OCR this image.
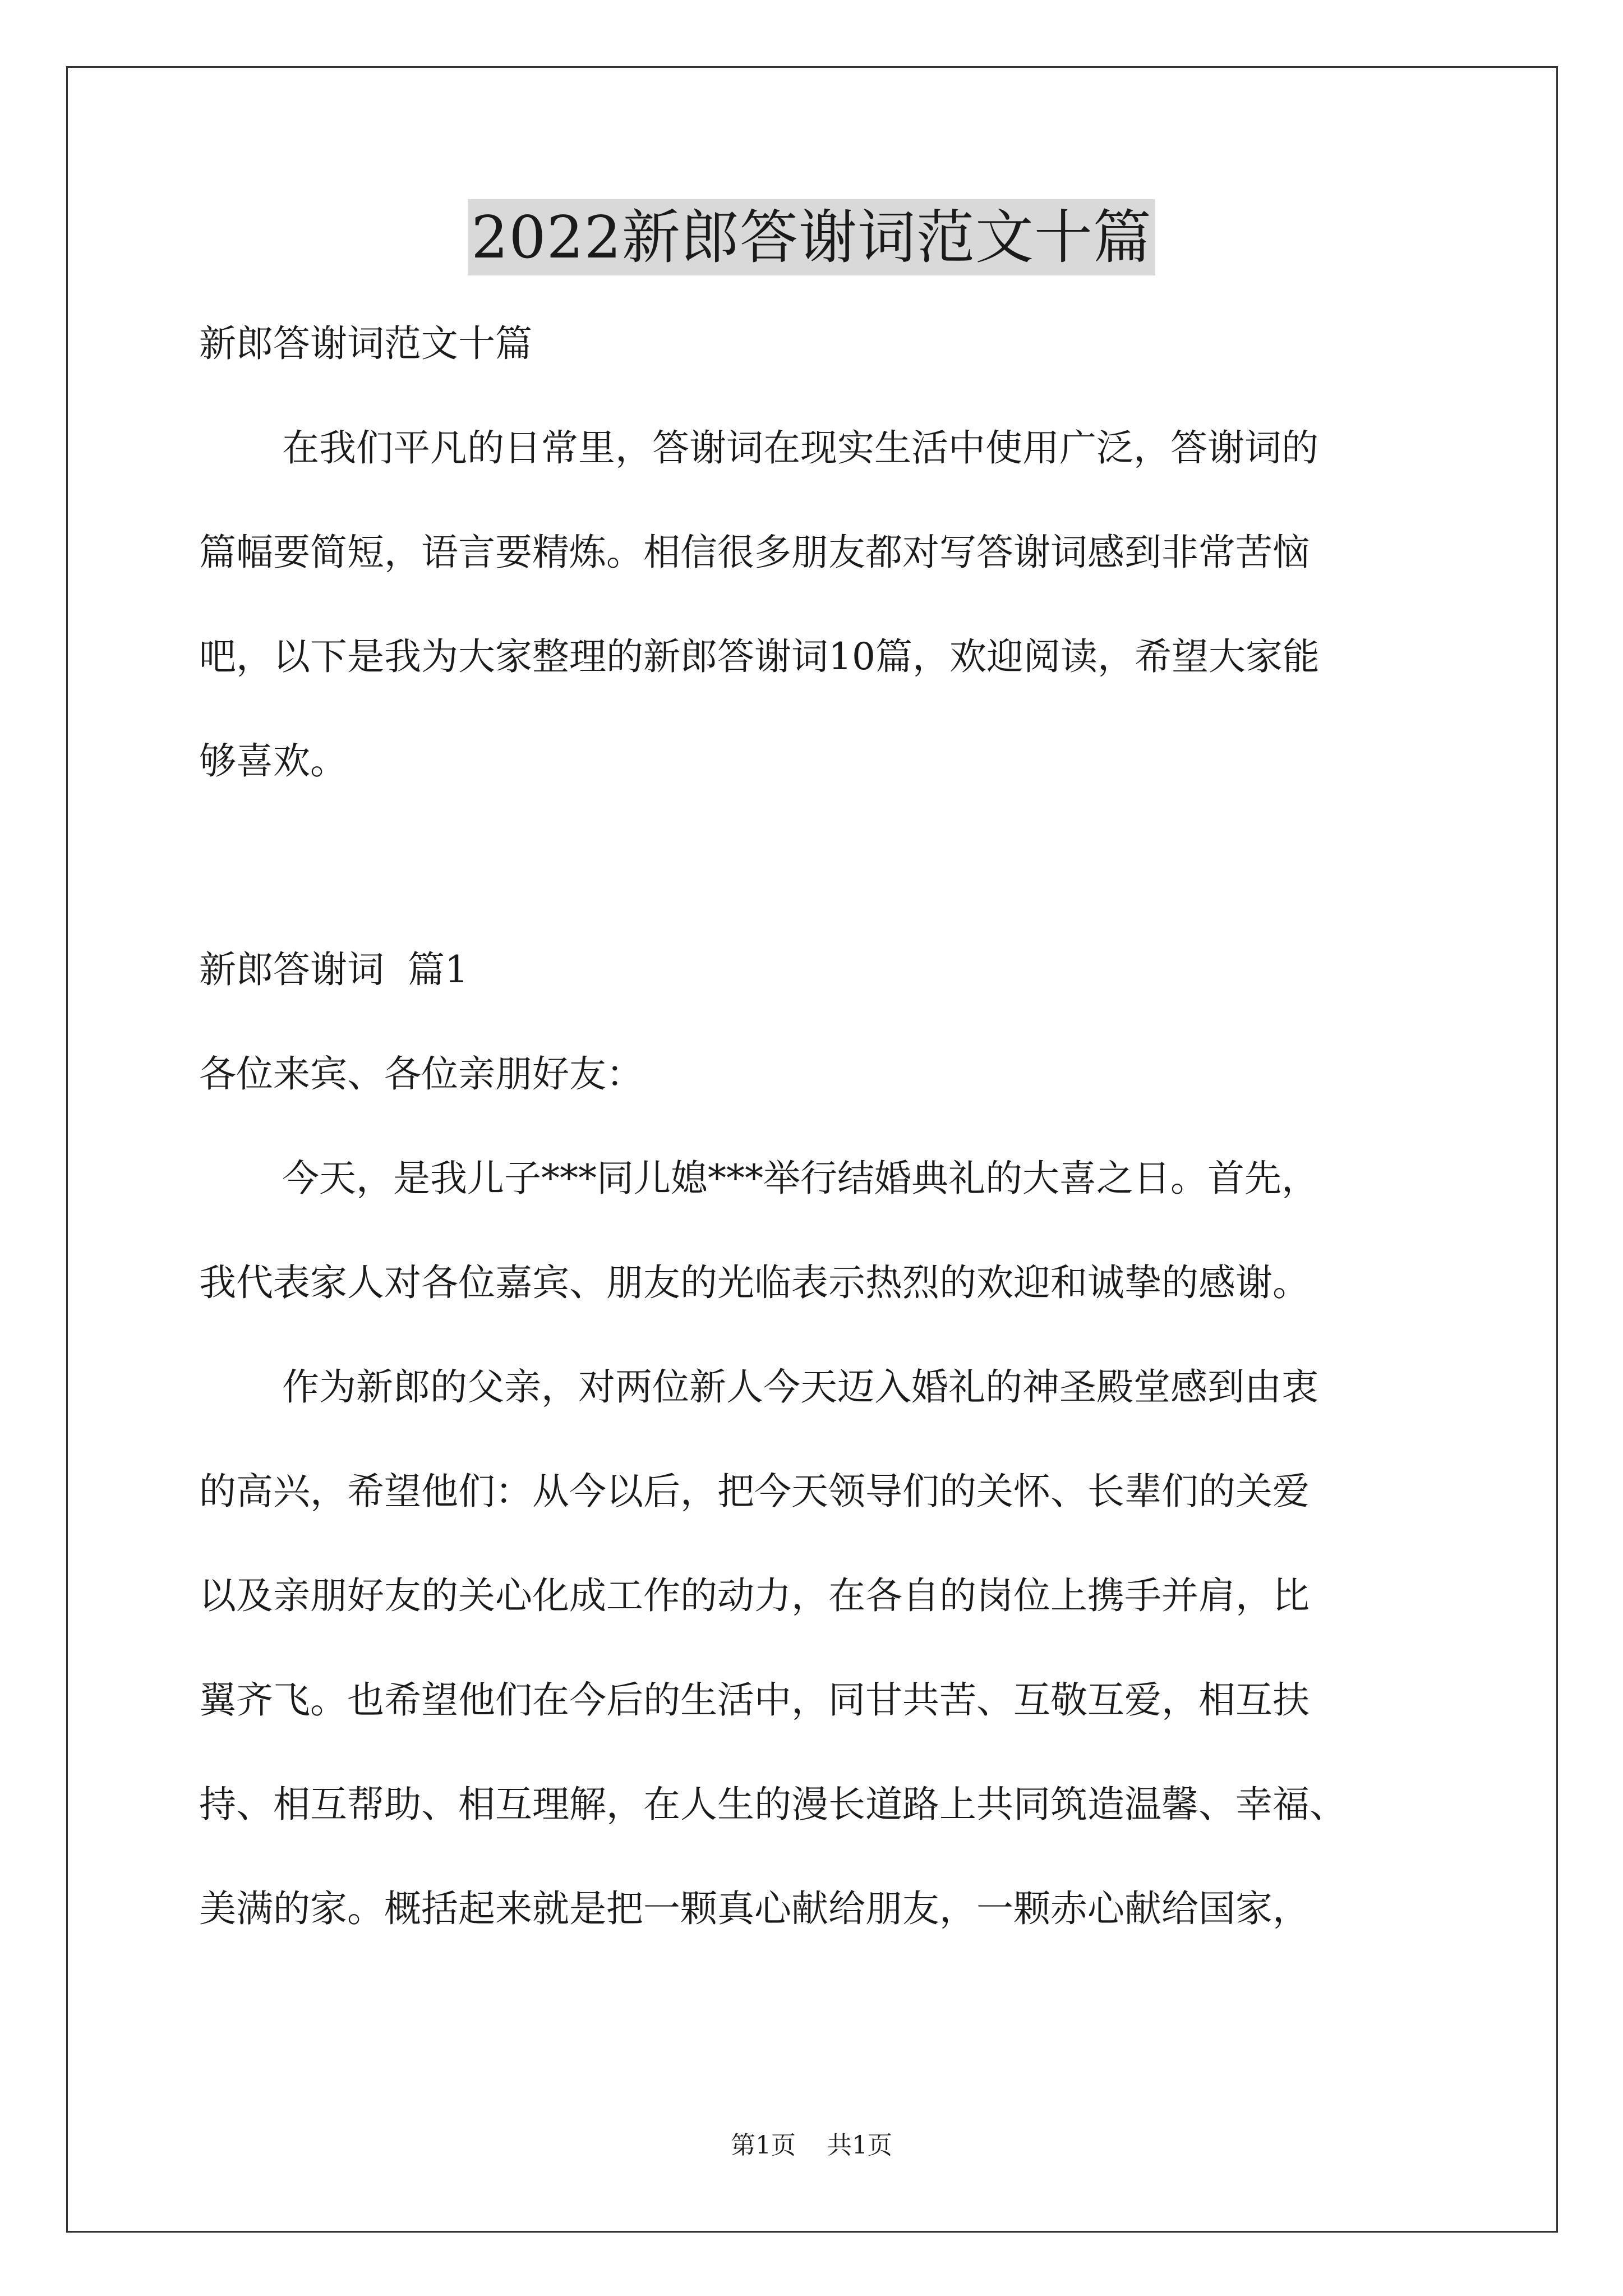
2022新郎答谢词范文十篇

新郎答谢词范文十篇

在我们平凡的日常里，答谢词在现实生活中使用广泛，答谢词的

篇幅要简短，语言要精炼。相信很多朋友都对写答谢词感到非常苦恼

吧，以下是我为大家整理的新郎答谢词10篇，欢迎阅读，希望大家能

够喜欢。

新郎答谢词  篇1

各位来宾、各位亲朋好友：

今天，是我儿子***同儿媳***举行结婚典礼的大喜之日。首先，

我代表家人对各位嘉宾、朋友的光临表示热烈的欢迎和诚挚的感谢。

作为新郎的父亲，对两位新人今天迈入婚礼的神圣殿堂感到由衷

的高兴，希望他们：从今以后，把今天领导们的关怀、长辈们的关爱

以及亲朋好友的关心化成工作的动力，在各自的岗位上携手并肩，比

翼齐飞。也希望他们在今后的生活中，同甘共苦、互敬互爱，相互扶

持、相互帮助、相互理解，在人生的漫长道路上共同筑造温馨、幸福、

美满的家。概括起来就是把一颗真心献给朋友，一颗赤心献给国家，

第1页    共1页
